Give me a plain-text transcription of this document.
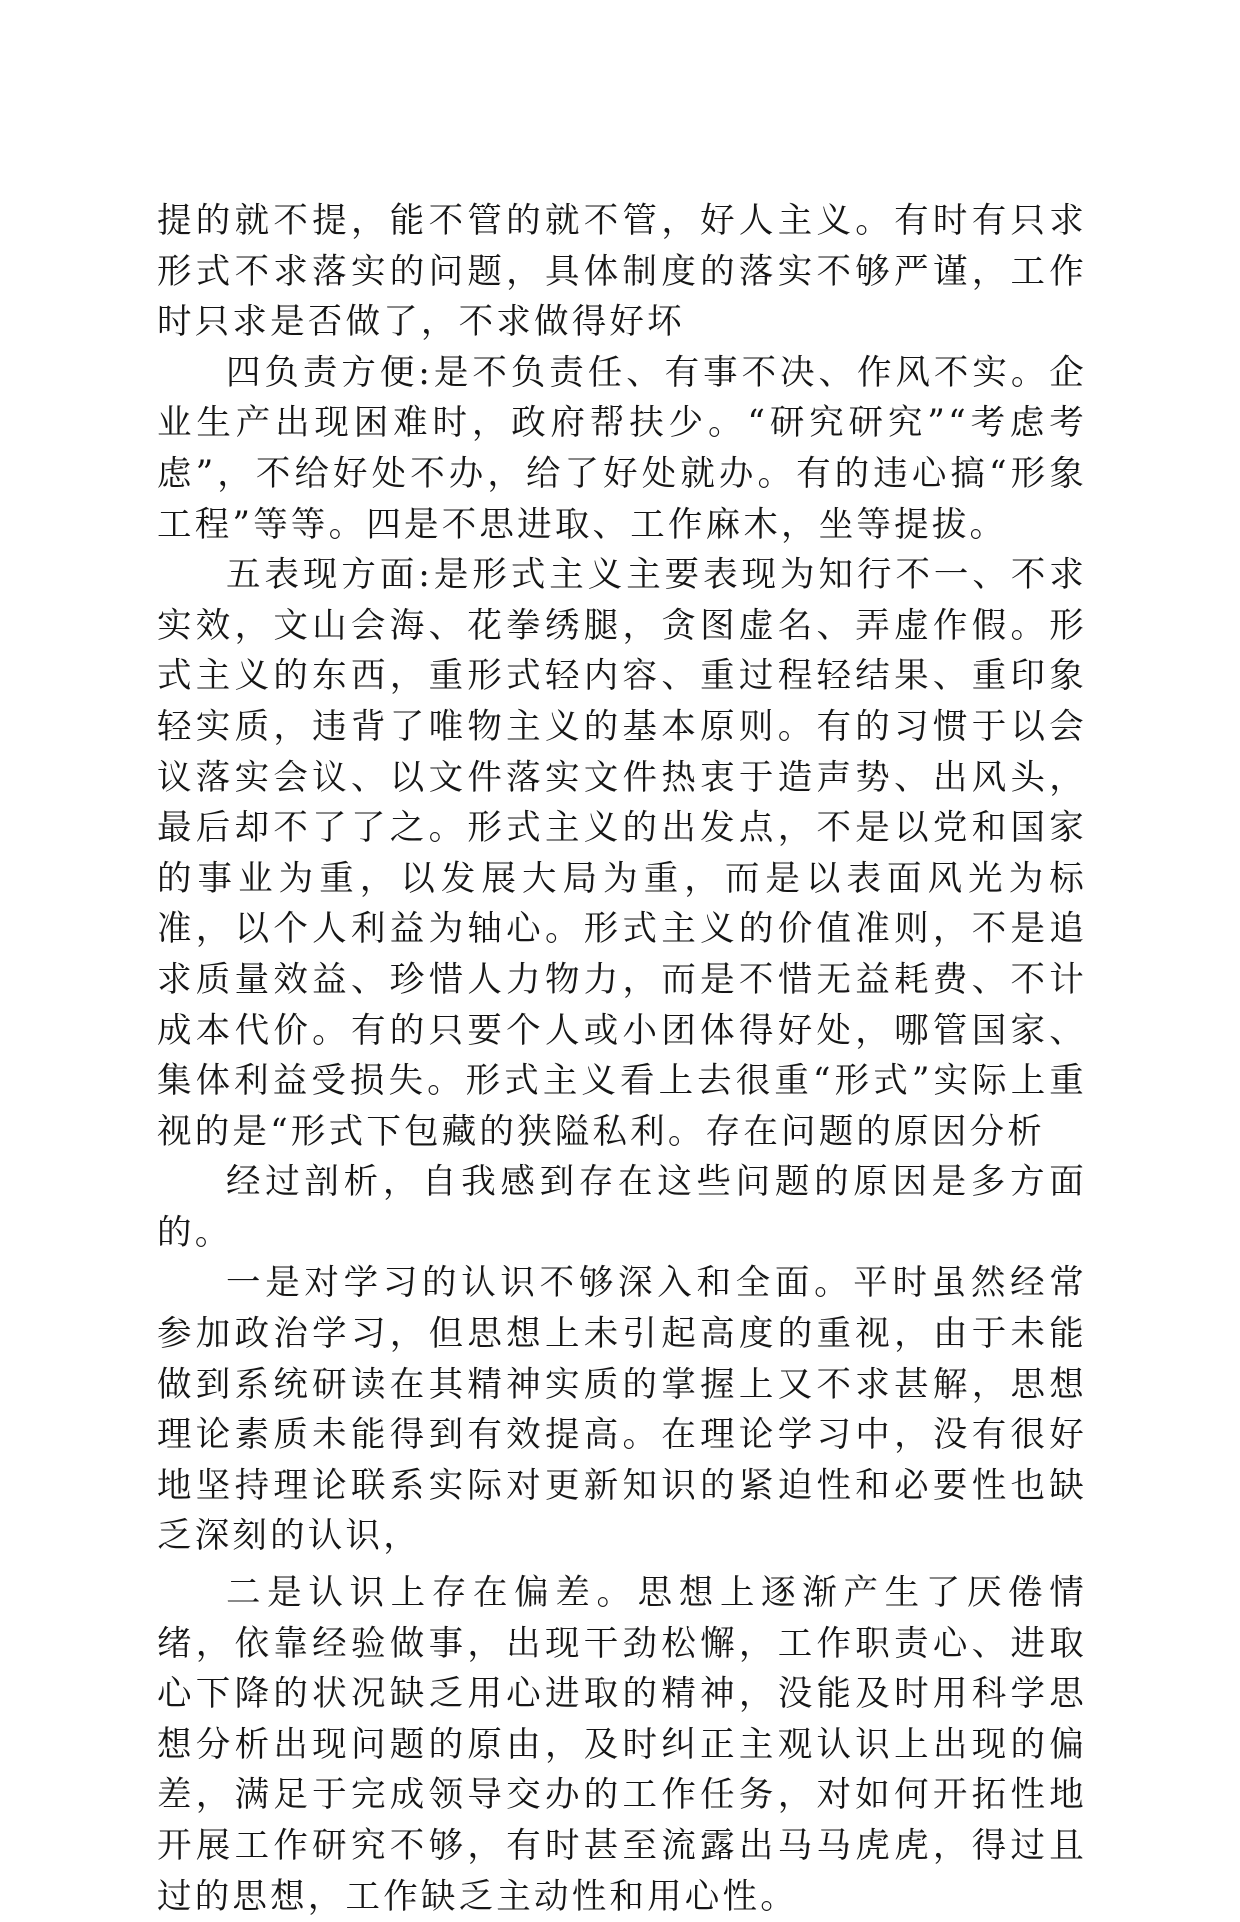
提的就不提，能不管的就不管，好人主义。有时有只求形式不求落实的问题，具体制度的落实不够严谨，工作时只求是否做了，不求做得好坏

四负责方便:是不负责任、有事不决、作风不实。企业生产出现困难时，政府帮扶少。“研究研究”“考虑考虑”，不给好处不办，给了好处就办。有的违心搞“形象工程”等等。四是不思进取、工作麻木，坐等提拔。

五表现方面:是形式主义主要表现为知行不一、不求实效，文山会海、花拳绣腿，贪图虚名、弄虚作假。形式主义的东西，重形式轻内容、重过程轻结果、重印象轻实质，违背了唯物主义的基本原则。有的习惯于以会议落实会议、以文件落实文件热衷于造声势、出风头，最后却不了了之。形式主义的出发点，不是以党和国家的事业为重，以发展大局为重，而是以表面风光为标准，以个人利益为轴心。形式主义的价值准则，不是追求质量效益、珍惜人力物力，而是不惜无益耗费、不计成本代价。有的只要个人或小团体得好处，哪管国家、集体利益受损失。形式主义看上去很重“形式”实际上重视的是“形式下包藏的狭隘私利。存在问题的原因分析

经过剖析，自我感到存在这些问题的原因是多方面的。

一是对学习的认识不够深入和全面。平时虽然经常参加政治学习，但思想上未引起高度的重视，由于未能做到系统研读在其精神实质的掌握上又不求甚解，思想理论素质未能得到有效提高。在理论学习中，没有很好地坚持理论联系实际对更新知识的紧迫性和必要性也缺乏深刻的认识，

二是认识上存在偏差。思想上逐渐产生了厌倦情绪，依靠经验做事，出现干劲松懈，工作职责心、进取心下降的状况缺乏用心进取的精神，没能及时用科学思想分析出现问题的原由，及时纠正主观认识上出现的偏差，满足于完成领导交办的工作任务，对如何开拓性地开展工作研究不够，有时甚至流露出马马虎虎，得过且过的思想，工作缺乏主动性和用心性。
